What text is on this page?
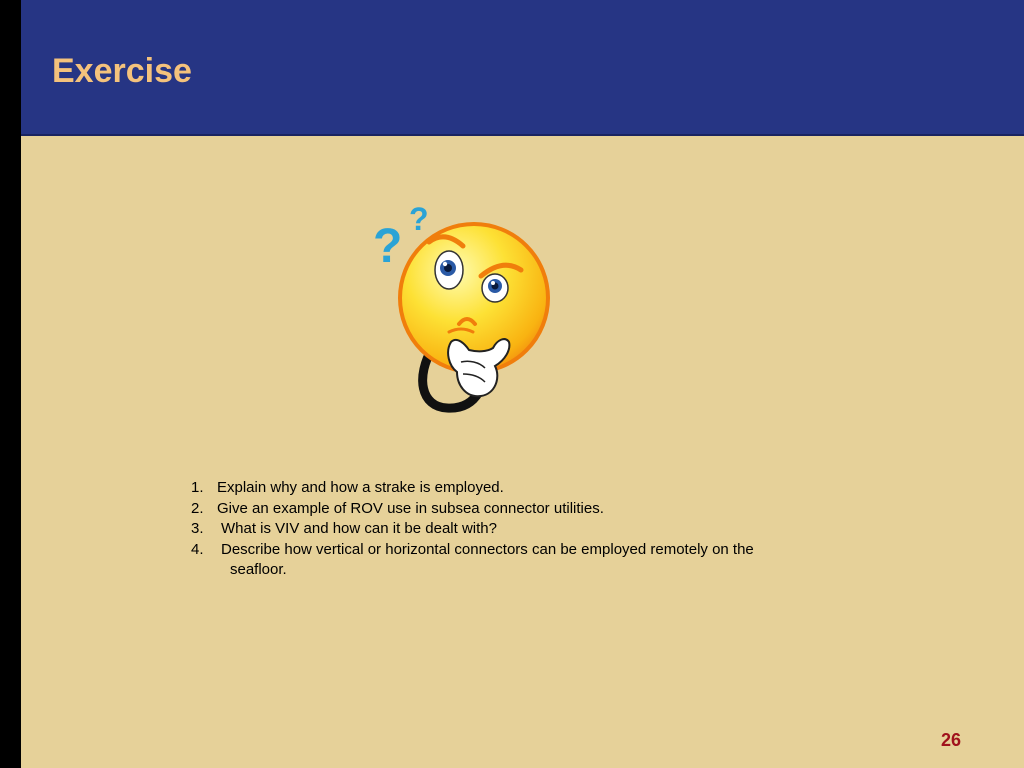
Exercise
?
?
1. Explain why and how a strake is employed.
2. Give an example of ROV use in subsea connector utilities.
3. What is VIV and how can it be dealt with?
4. Describe how vertical or horizontal connectors can be employed remotely on the
seafloor.

26
